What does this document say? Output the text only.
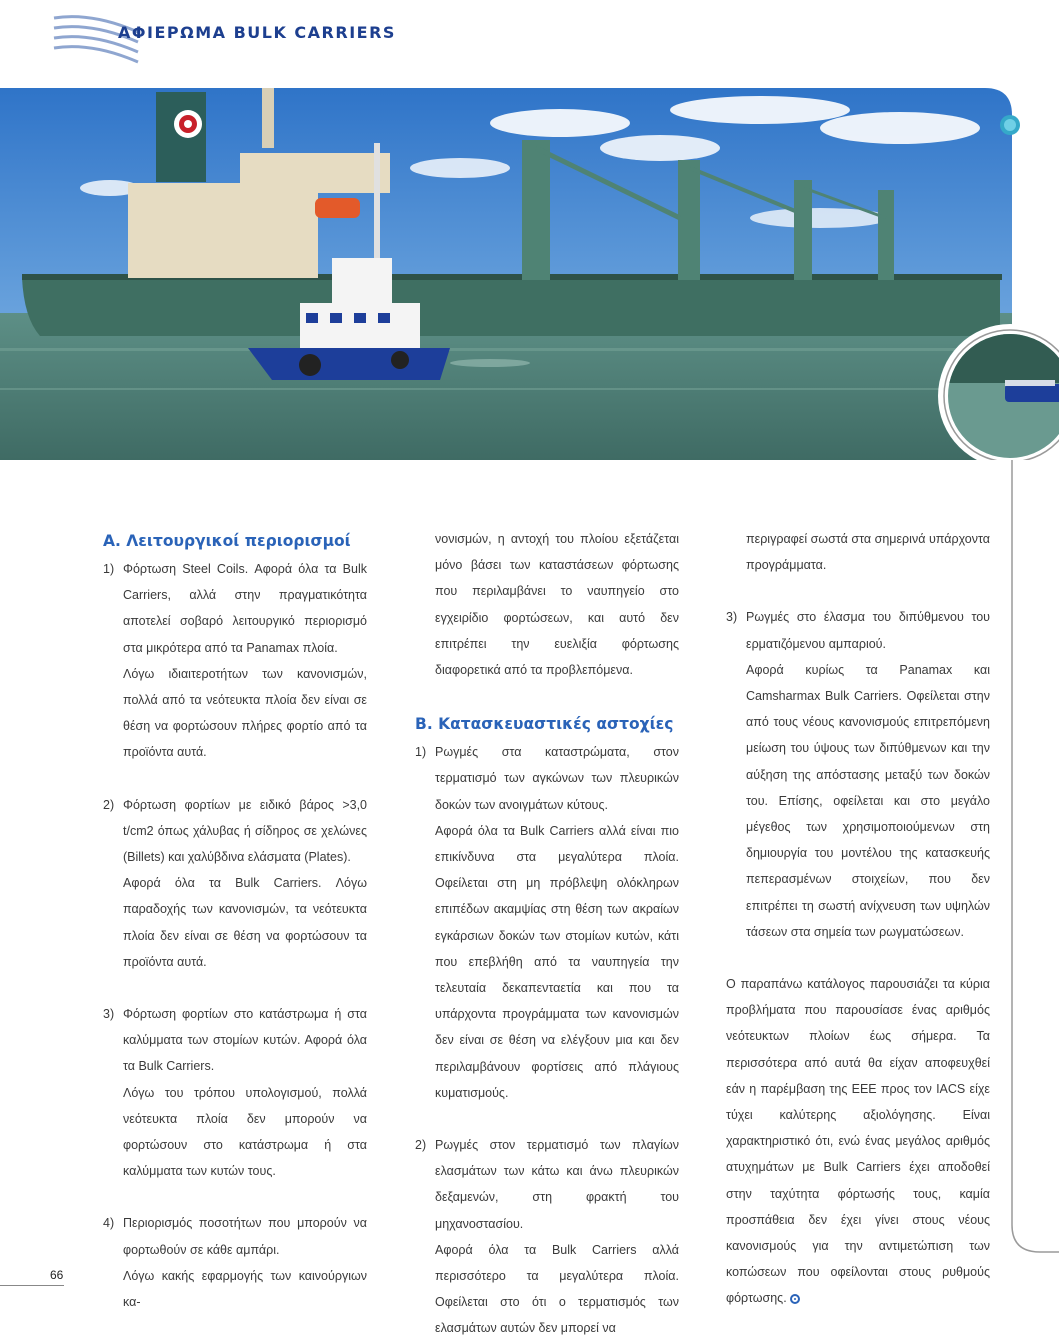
ΑΦΙΕΡΩΜΑ BULK CARRIERS
Α. Λειτουργικοί περιορισμοί
1) Φόρτωση Steel Coils. Αφορά όλα τα Bulk Carriers, αλλά στην πραγματικότητα αποτελεί σοβαρό λειτουργικό περιορισμό στα μικρότερα από τα Panamax πλοία.

Λόγω ιδιαιτεροτήτων των κανονισμών, πολλά από τα νεότευκτα πλοία δεν είναι σε θέση να φορτώσουν πλήρες φορτίο από τα προϊόντα αυτά.

2) Φόρτωση φορτίων με ειδικό βάρος >3,0 t/cm2 όπως χάλυβας ή σίδηρος σε χελώνες (Billets) και χαλύβδινα ελάσματα (Plates).

Αφορά όλα τα Bulk Carriers. Λόγω παραδοχής των κανονισμών, τα νεότευκτα πλοία δεν είναι σε θέση να φορτώσουν τα προϊόντα αυτά.

3) Φόρτωση φορτίων στο κατάστρωμα ή στα καλύμματα των στομίων κυτών. Αφορά όλα τα Bulk Carriers.

Λόγω του τρόπου υπολογισμού, πολλά νεότευκτα πλοία δεν μπορούν να φορτώσουν στο κατάστρωμα ή στα καλύμματα των κυτών τους.

4) Περιορισμός ποσοτήτων που μπορούν να φορτωθούν σε κάθε αμπάρι.

Λόγω κακής εφαρμογής των καινούργιων κα-

νονισμών, η αντοχή του πλοίου εξετάζεται μόνο βάσει των καταστάσεων φόρτωσης που περιλαμβάνει το ναυπηγείο στο εγχειρίδιο φορτώσεων, και αυτό δεν επιτρέπει την ευελιξία φόρτωσης διαφορετικά από τα προβλεπόμενα.

Β. Κατασκευαστικές αστοχίες
1) Ρωγμές στα καταστρώματα, στον τερματισμό των αγκώνων των πλευρικών δοκών των ανοιγμάτων κύτους.

Αφορά όλα τα Bulk Carriers αλλά είναι πιο επικίνδυνα στα μεγαλύτερα πλοία. Οφείλεται στη μη πρόβλεψη ολόκληρων επιπέδων ακαμψίας στη θέση των ακραίων εγκάρσιων δοκών των στομίων κυτών, κάτι που επεβλήθη από τα ναυπηγεία την τελευταία δεκαπενταετία και που τα υπάρχοντα προγράμματα των κανονισμών δεν είναι σε θέση να ελέγξουν μια και δεν περιλαμβάνουν φορτίσεις από πλάγιους κυματισμούς.

2) Ρωγμές στον τερματισμό των πλαγίων ελασμάτων των κάτω και άνω πλευρικών δεξαμενών, στη φρακτή του μηχανοστασίου.

Αφορά όλα τα Bulk Carriers αλλά περισσότερο τα μεγαλύτερα πλοία. Οφείλεται στο ότι ο τερματισμός των ελασμάτων αυτών δεν μπορεί να

περιγραφεί σωστά στα σημερινά υπάρχοντα προγράμματα.

3) Ρωγμές στο έλασμα του διπύθμενου του ερματιζόμενου αμπαριού.

Αφορά κυρίως τα Panamax και Camsharmax Bulk Carriers. Οφείλεται στην από τους νέους κανονισμούς επιτρεπόμενη μείωση του ύψους των διπύθμενων και την αύξηση της απόστασης μεταξύ των δοκών του. Επίσης, οφείλεται και στο μεγάλο μέγεθος των χρησιμοποιούμενων στη δημιουργία του μοντέλου της κατασκευής πεπερασμένων στοιχείων, που δεν επιτρέπει τη σωστή ανίχνευση των υψηλών τάσεων στα σημεία των ρωγματώσεων.

Ο παραπάνω κατάλογος παρουσιάζει τα κύρια προβλήματα που παρουσίασε ένας αριθμός νεότευκτων πλοίων έως σήμερα. Τα περισσότερα από αυτά θα είχαν αποφευχθεί εάν η παρέμβαση της ΕΕΕ προς τον IACS είχε τύχει καλύτερης αξιολόγησης. Είναι χαρακτηριστικό ότι, ενώ ένας μεγάλος αριθμός ατυχημάτων με Bulk Carriers έχει αποδοθεί στην ταχύτητα φόρτωσής τους, καμία προσπάθεια δεν έχει γίνει στους νέους κανονισμούς για την αντιμετώπιση των κοπώσεων που οφείλονται στους ρυθμούς φόρτωσης.

66
